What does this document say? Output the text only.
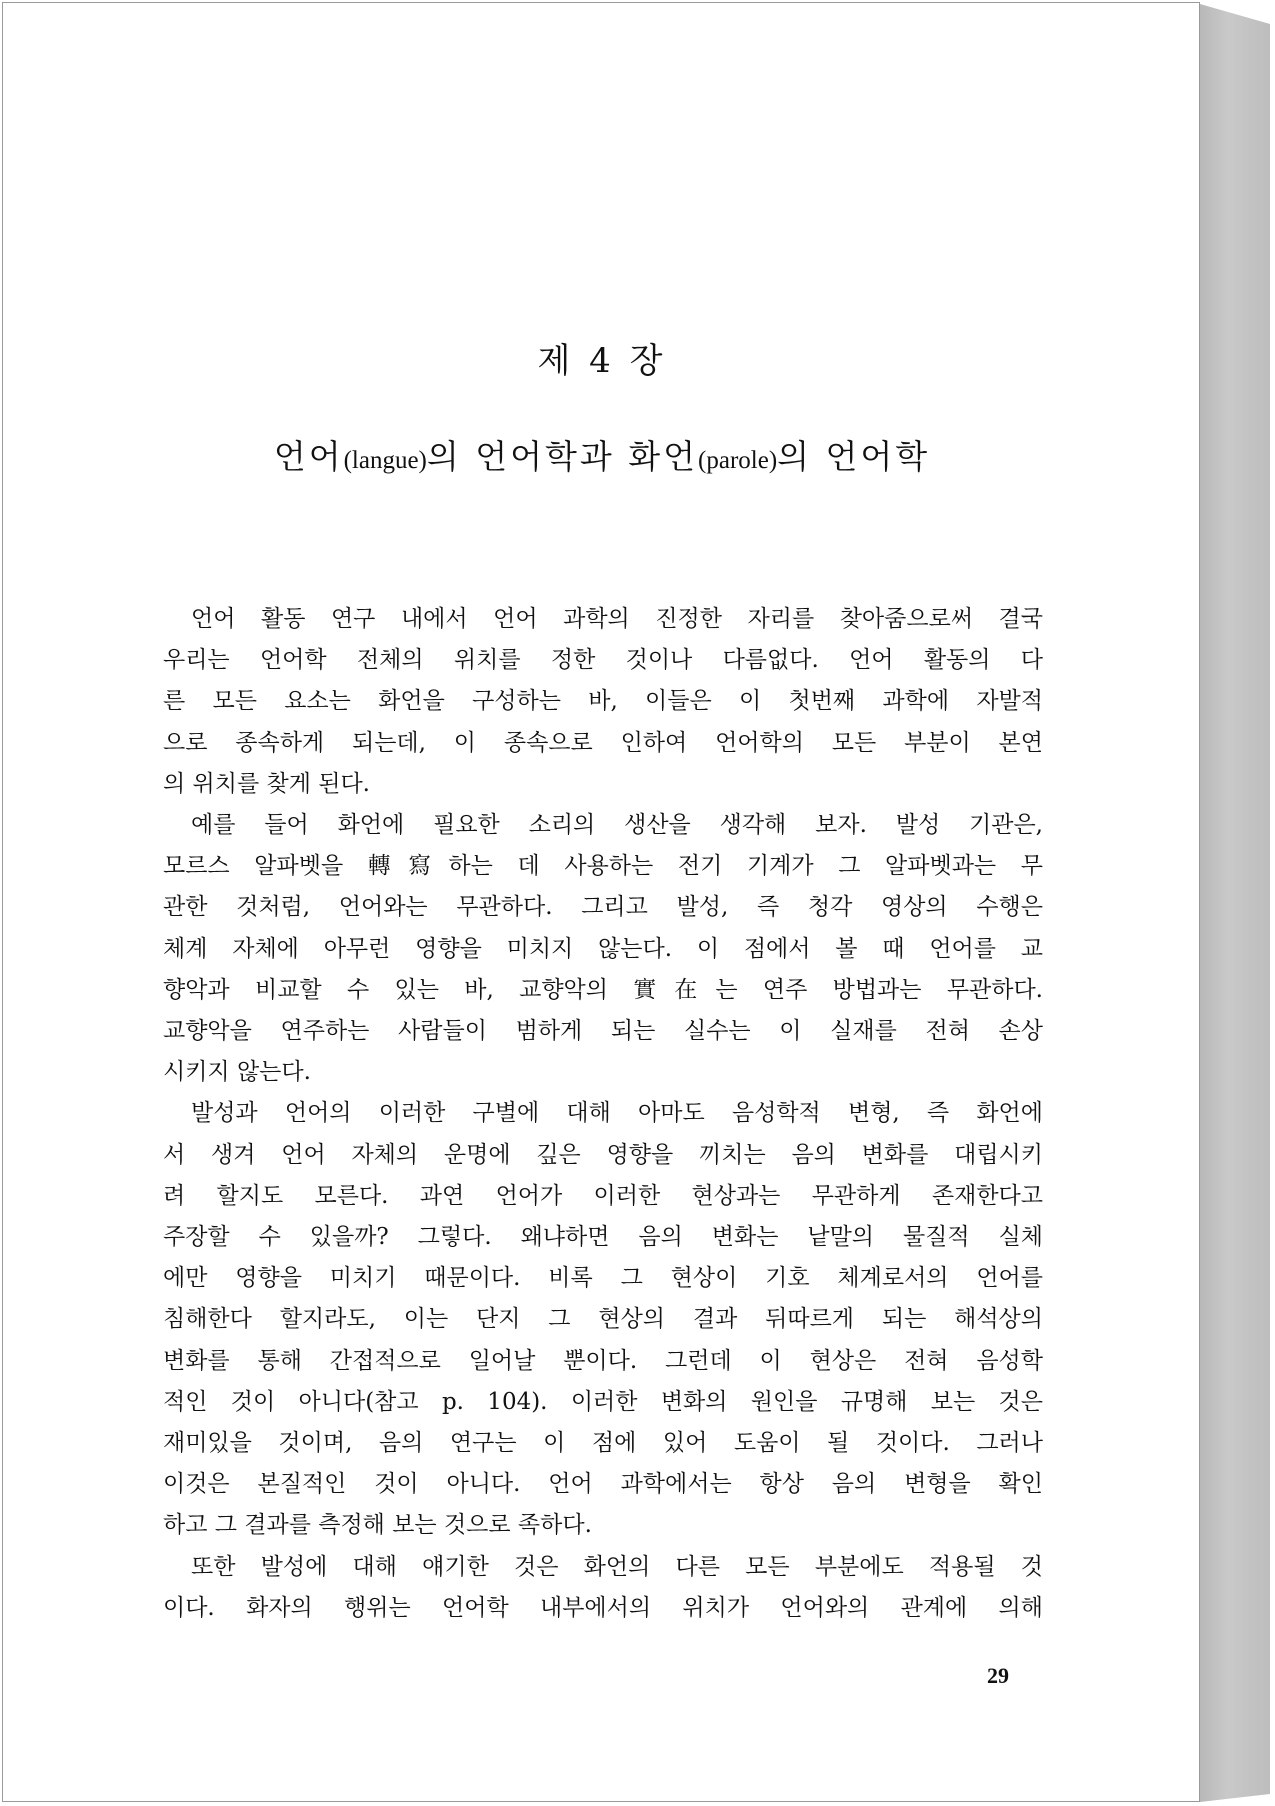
제 4 장
언어(langue)의 언어학과 화언(parole)의 언어학
언어 활동 연구 내에서 언어 과학의 진정한 자리를 찾아줌으로써 결국
우리는 언어학 전체의 위치를 정한 것이나 다름없다. 언어 활동의 다
른 모든 요소는 화언을 구성하는 바, 이들은 이 첫번째 과학에 자발적
으로 종속하게 되는데, 이 종속으로 인하여 언어학의 모든 부분이 본연
의 위치를 찾게 된다.
예를 들어 화언에 필요한 소리의 생산을 생각해 보자. 발성 기관은,
모르스 알파벳을 轉寫하는 데 사용하는 전기 기계가 그 알파벳과는 무
관한 것처럼, 언어와는 무관하다. 그리고 발성, 즉 청각 영상의 수행은
체계 자체에 아무런 영향을 미치지 않는다. 이 점에서 볼 때 언어를 교
향악과 비교할 수 있는 바, 교향악의 實在는 연주 방법과는 무관하다.
교향악을 연주하는 사람들이 범하게 되는 실수는 이 실재를 전혀 손상
시키지 않는다.
발성과 언어의 이러한 구별에 대해 아마도 음성학적 변형, 즉 화언에
서 생겨 언어 자체의 운명에 깊은 영향을 끼치는 음의 변화를 대립시키
려 할지도 모른다. 과연 언어가 이러한 현상과는 무관하게 존재한다고
주장할 수 있을까? 그렇다. 왜냐하면 음의 변화는 낱말의 물질적 실체
에만 영향을 미치기 때문이다. 비록 그 현상이 기호 체계로서의 언어를
침해한다 할지라도, 이는 단지 그 현상의 결과 뒤따르게 되는 해석상의
변화를 통해 간접적으로 일어날 뿐이다. 그런데 이 현상은 전혀 음성학
적인 것이 아니다(참고 p. 104). 이러한 변화의 원인을 규명해 보는 것은
재미있을 것이며, 음의 연구는 이 점에 있어 도움이 될 것이다. 그러나
이것은 본질적인 것이 아니다. 언어 과학에서는 항상 음의 변형을 확인
하고 그 결과를 측정해 보는 것으로 족하다.
또한 발성에 대해 얘기한 것은 화언의 다른 모든 부분에도 적용될 것
이다. 화자의 행위는 언어학 내부에서의 위치가 언어와의 관계에 의해
29
